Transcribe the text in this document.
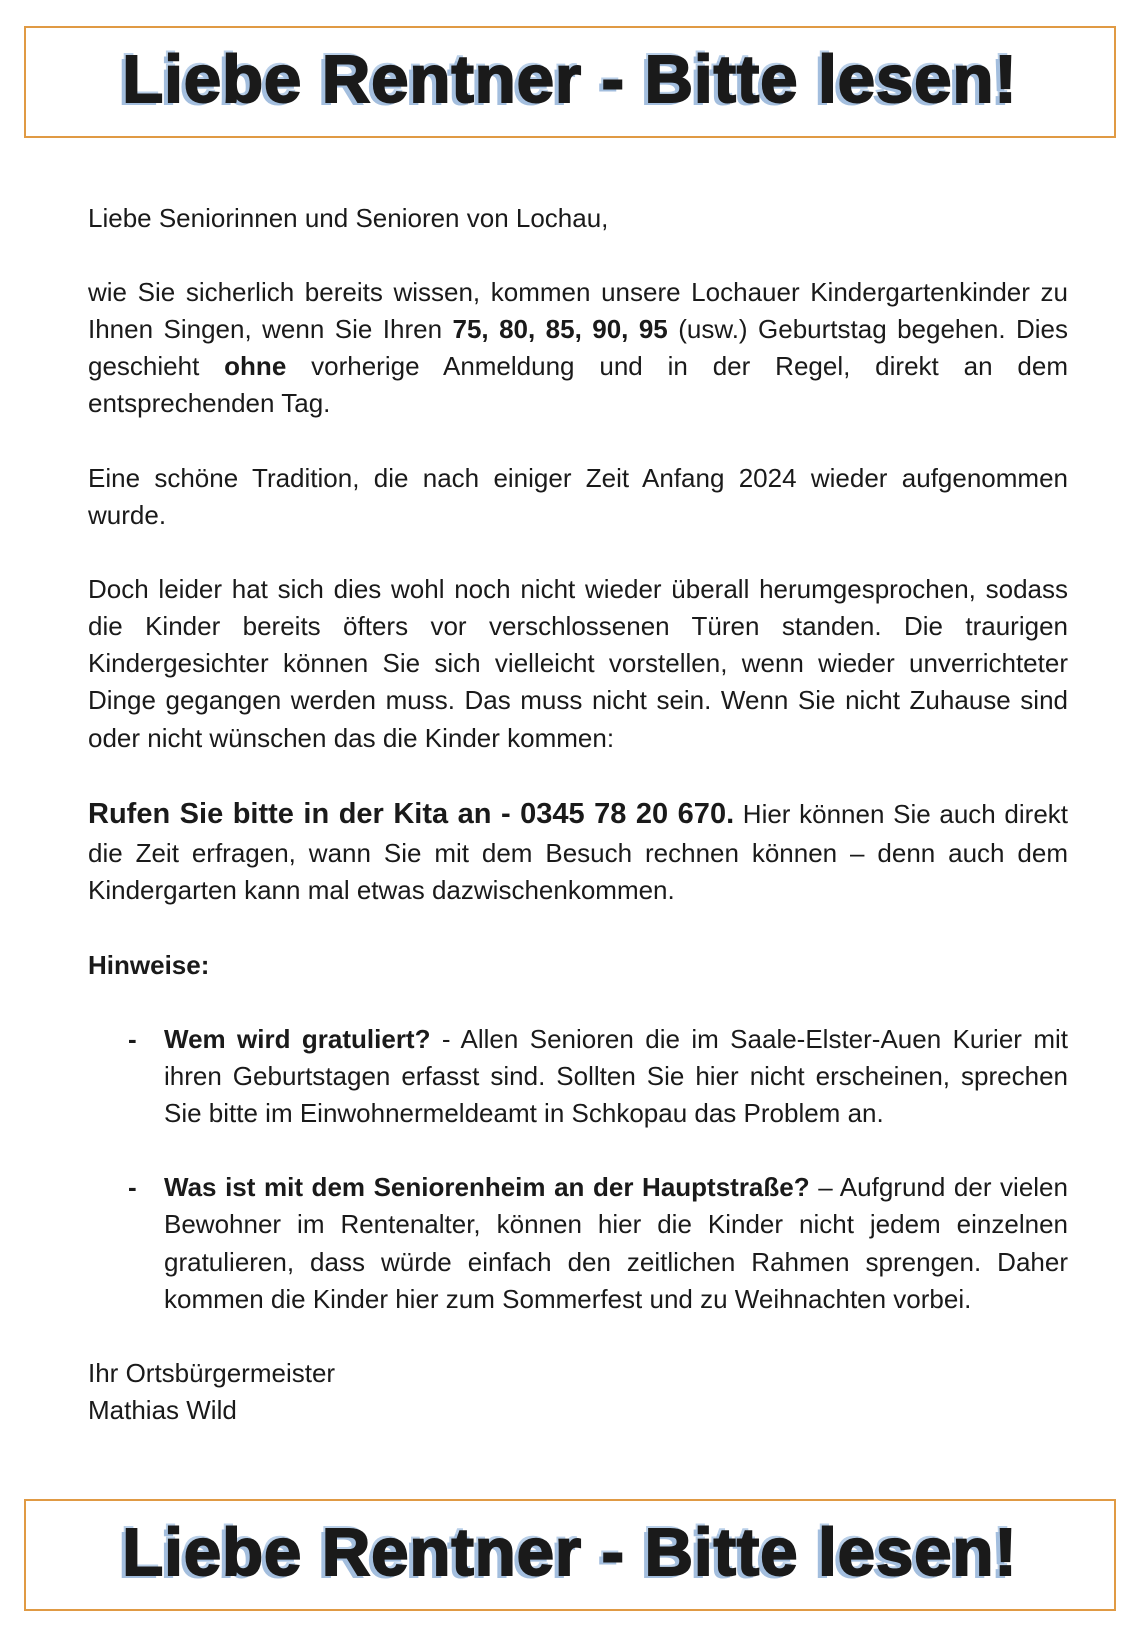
Liebe Rentner - Bitte lesen!

Liebe Seniorinnen und Senioren von Lochau,

wie Sie sicherlich bereits wissen, kommen unsere Lochauer Kindergartenkinder zu Ihnen Singen, wenn Sie Ihren 75, 80, 85, 90, 95 (usw.) Geburtstag begehen. Dies geschieht ohne vorherige Anmeldung und in der Regel, direkt an dem entsprechenden Tag.

Eine schöne Tradition, die nach einiger Zeit Anfang 2024 wieder aufgenommen wurde.

Doch leider hat sich dies wohl noch nicht wieder überall herumgesprochen, sodass die Kinder bereits öfters vor verschlossenen Türen standen. Die traurigen Kindergesichter können Sie sich vielleicht vorstellen, wenn wieder unverrichteter Dinge gegangen werden muss. Das muss nicht sein. Wenn Sie nicht Zuhause sind oder nicht wünschen das die Kinder kommen:

Rufen Sie bitte in der Kita an - 0345 78 20 670. Hier können Sie auch direkt die Zeit erfragen, wann Sie mit dem Besuch rechnen können – denn auch dem Kindergarten kann mal etwas dazwischenkommen.

Hinweise:

-	Wem wird gratuliert? - Allen Senioren die im Saale-Elster-Auen Kurier mit ihren Geburtstagen erfasst sind. Sollten Sie hier nicht erscheinen, sprechen Sie bitte im Einwohnermeldeamt in Schkopau das Problem an.
-	Was ist mit dem Seniorenheim an der Hauptstraße? – Aufgrund der vielen Bewohner im Rentenalter, können hier die Kinder nicht jedem einzelnen gratulieren, dass würde einfach den zeitlichen Rahmen sprengen. Daher kommen die Kinder hier zum Sommerfest und zu Weihnachten vorbei.

Ihr Ortsbürgermeister

Mathias Wild

Liebe Rentner - Bitte lesen!
